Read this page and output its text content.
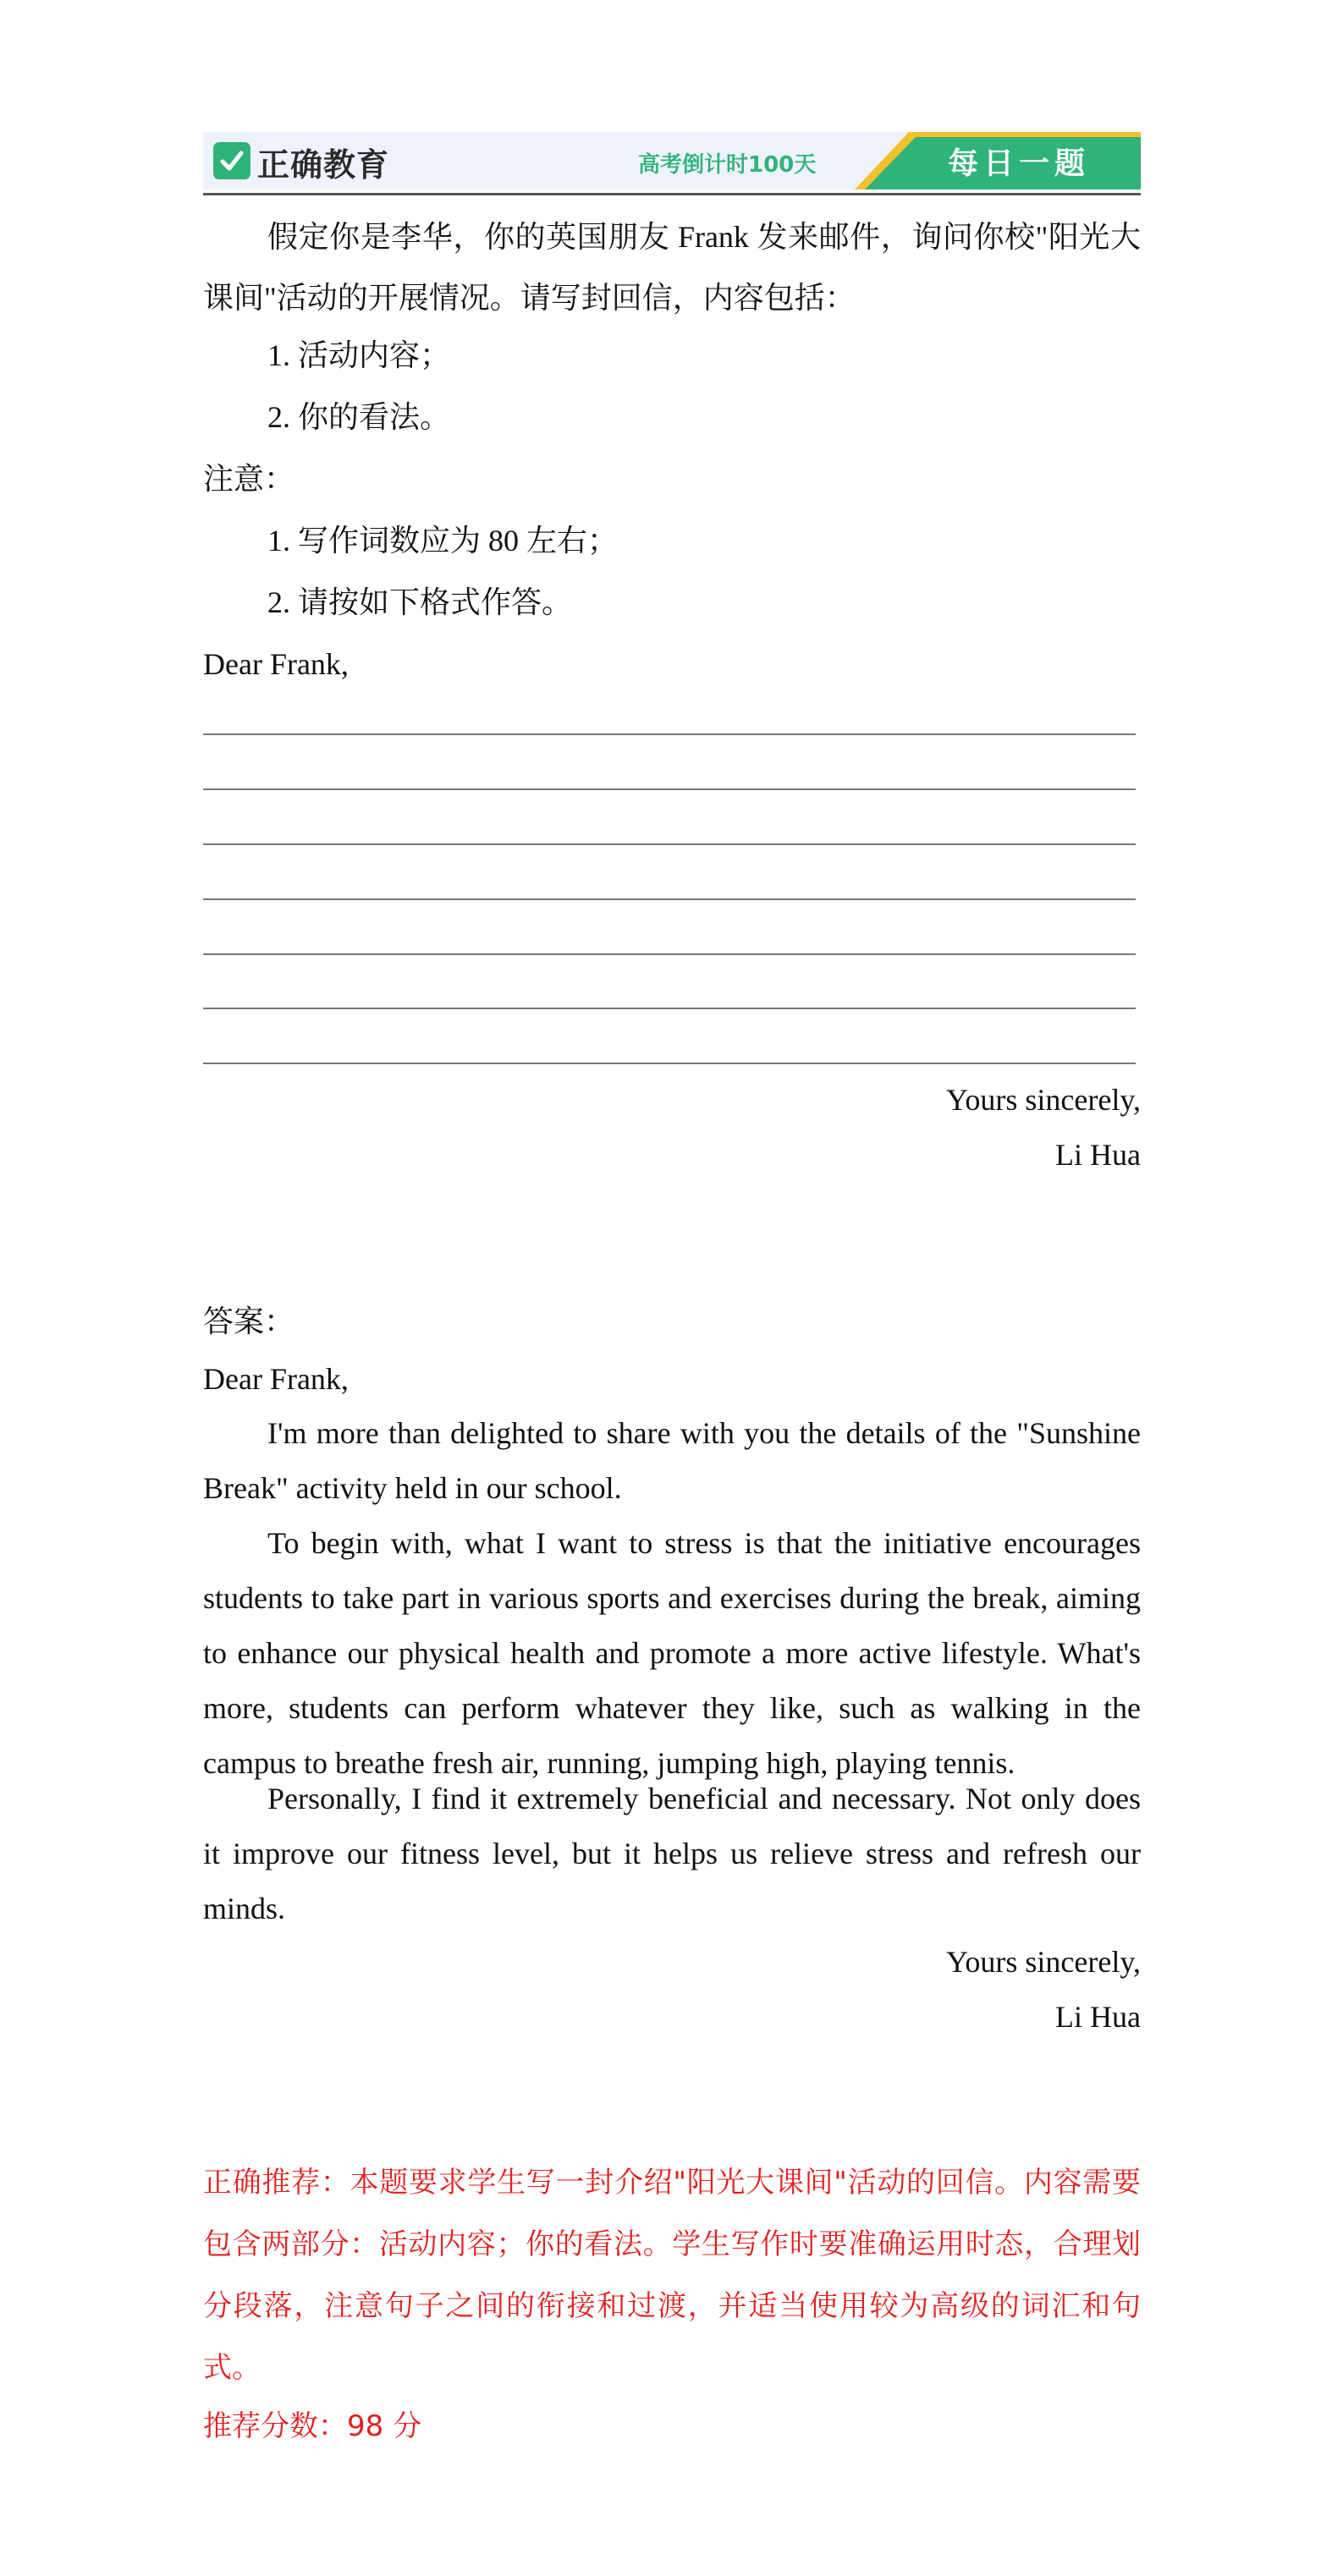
正确教育	高考倒计时100天	每日一题
假定你是李华，你的英国朋友 Frank 发来邮件，询问你校"阳光大课间"活动的开展情况。请写封回信，内容包括：
1. 活动内容；
2. 你的看法。
注意：
1. 写作词数应为 80 左右；
2. 请按如下格式作答。
Dear Frank,
Yours sincerely,
Li Hua
答案：
Dear Frank,
I'm more than delighted to share with you the details of the "Sunshine Break" activity held in our school.
To begin with, what I want to stress is that the initiative encourages students to take part in various sports and exercises during the break, aiming to enhance our physical health and promote a more active lifestyle. What's more, students can perform whatever they like, such as walking in the campus to breathe fresh air, running, jumping high, playing tennis.
Personally, I find it extremely beneficial and necessary. Not only does it improve our fitness level, but it helps us relieve stress and refresh our minds.
Yours sincerely,
Li Hua
正确推荐：本题要求学生写一封介绍"阳光大课间"活动的回信。内容需要包含两部分：活动内容；你的看法。学生写作时要准确运用时态，合理划分段落，注意句子之间的衔接和过渡，并适当使用较为高级的词汇和句式。
推荐分数：98 分
